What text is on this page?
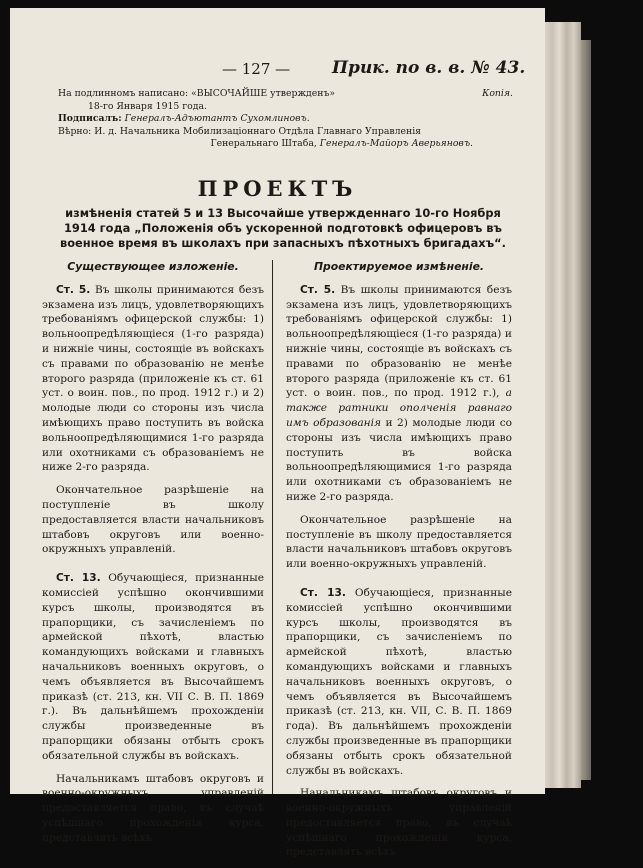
— 127 — Прик. по в. в. № 43.
На подлинномъ написано: «ВЫСОЧАЙШЕ утвержденъ»	Копія.
18-го Января 1915 года.
Подписалъ: Генералъ-Адъютантъ Сухомлиновъ.
Вѣрно: И. д. Начальника Мобилизаціоннаго Отдѣла Главнаго Управленія
Генеральнаго Штаба, Генералъ-Майоръ Аверьяновъ.
ПРОЕКТЪ
измѣненія статей 5 и 13 Высочайше утвержденнаго 10-го Ноября 1914 года „Положенія объ ускоренной подготовкѣ офицеровъ въ военное время въ школахъ при запасныхъ пѣхотныхъ бригадахъ“.
Существующее изложеніе.

Ст. 5. Въ школы принимаются безъ экзамена изъ лицъ, удовлетворяющихъ требованіямъ офицерской службы: 1) вольноопредѣляющіеся (1-го разряда) и нижніе чины, состоящіе въ войскахъ съ правами по образованію не менѣе второго разряда (приложеніе къ ст. 61 уст. о воин. пов., по прод. 1912 г.) и 2) молодые люди со стороны изъ числа имѣющихъ право поступить въ войска вольноопредѣляющимися 1-го разряда или охотниками съ образованіемъ не ниже 2-го разряда.

Окончательное разрѣшеніе на поступленіе въ школу предоставляется власти начальниковъ штабовъ округовъ или военно-окружныхъ управленій.

Ст. 13. Обучающіеся, признанные комиссіей успѣшно окончившими курсъ школы, производятся въ прапорщики, съ зачисленіемъ по армейской пѣхотѣ, властью командующихъ войсками и главныхъ начальниковъ военныхъ округовъ, о чемъ объявляется въ Высочайшемъ приказѣ (ст. 213, кн. VII С. В. П. 1869 г.). Въ дальнѣйшемъ прохожденіи службы произведенные въ прапорщики обязаны отбыть срокъ обязательной службы въ войскахъ.

Начальникамъ штабовъ округовъ и военно-окружныхъ управленій предоставляется право, въ случаѣ успѣшнаго прохожденія курса, представлять всѣхъ

Проектируемое измѣненіе.

Ст. 5. Въ школы принимаются безъ экзамена изъ лицъ, удовлетворяющихъ требованіямъ офицерской службы: 1) вольноопредѣляющіеся (1-го разряда) и нижніе чины, состоящіе въ войскахъ съ правами по образованію не менѣе второго разряда (приложеніе къ ст. 61 уст. о воин. пов., по прод. 1912 г.), а также ратники ополченія равнаго имъ образованія и 2) молодые люди со стороны изъ числа имѣющихъ право поступить въ войска вольноопредѣляющимися 1-го разряда или охотниками съ образованіемъ не ниже 2-го разряда.

Окончательное разрѣшеніе на поступленіе въ школу предоставляется власти начальниковъ штабовъ округовъ или военно-окружныхъ управленій.

Ст. 13. Обучающіеся, признанные комиссіей успѣшно окончившими курсъ школы, производятся въ прапорщики, съ зачисленіемъ по армейской пѣхотѣ, властью командующихъ войсками и главныхъ начальниковъ военныхъ округовъ, о чемъ объявляется въ Высочайшемъ приказѣ (ст. 213, кн. VII, С. В. П. 1869 года). Въ дальнѣйшемъ прохожденіи службы произведенные въ прапорщики обязаны отбыть срокъ обязательной службы въ войскахъ.

Начальникамъ штабовъ округовъ и военно-окружныхъ управленій предоставляется право, въ случаѣ успѣшнаго прохожденія курса, представлять всѣхъ
